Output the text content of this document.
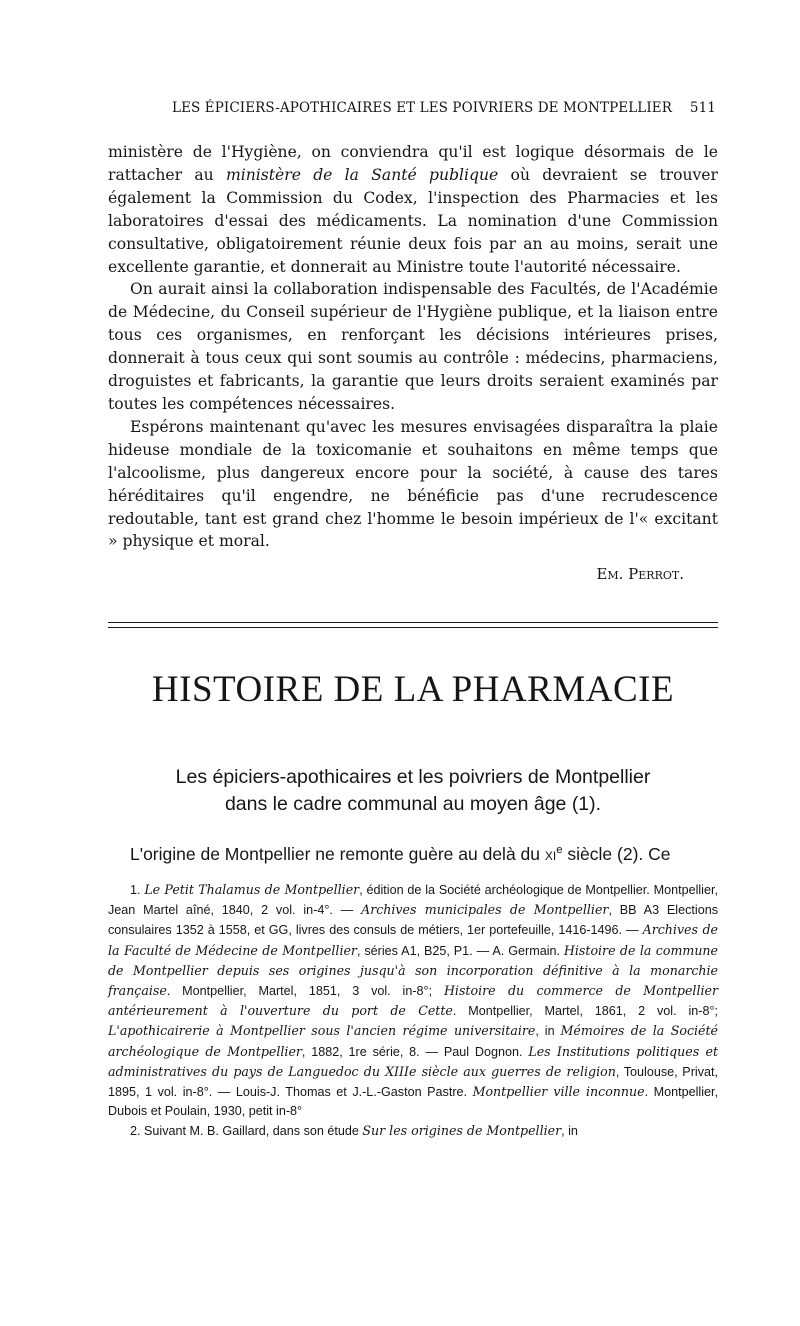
LES ÉPICIERS-APOTHICAIRES ET LES POIVRIERS DE MONTPELLIER 511

ministère de l'Hygiène, on conviendra qu'il est logique désormais de le rattacher au ministère de la Santé publique où devraient se trouver également la Commission du Codex, l'inspection des Pharmacies et les laboratoires d'essai des médicaments. La nomination d'une Commission consultative, obligatoirement réunie deux fois par an au moins, serait une excellente garantie, et donnerait au Ministre toute l'autorité nécessaire.

On aurait ainsi la collaboration indispensable des Facultés, de l'Académie de Médecine, du Conseil supérieur de l'Hygiène publique, et la liaison entre tous ces organismes, en renforçant les décisions intérieures prises, donnerait à tous ceux qui sont soumis au contrôle : médecins, pharmaciens, droguistes et fabricants, la garantie que leurs droits seraient examinés par toutes les compétences nécessaires.

Espérons maintenant qu'avec les mesures envisagées disparaîtra la plaie hideuse mondiale de la toxicomanie et souhaitons en même temps que l'alcoolisme, plus dangereux encore pour la société, à cause des tares héréditaires qu'il engendre, ne bénéficie pas d'une recrudescence redoutable, tant est grand chez l'homme le besoin impérieux de l'« excitant » physique et moral.

Em. Perrot.
HISTOIRE DE LA PHARMACIE
Les épiciers-apothicaires et les poivriers de Montpellier
dans le cadre communal au moyen âge (1).
L'origine de Montpellier ne remonte guère au delà du $xi^e$ siècle (2). Ce

1. Le Petit Thalamus de Montpellier, édition de la Société archéologique de Montpellier. Montpellier, Jean Martel aîné, 1840, 2 vol. in-4°. — Archives municipales de Montpellier, BB A3 Elections consulaires 1352 à 1558, et GG, livres des consuls de métiers, 1er portefeuille, 1416-1496. — Archives de la Faculté de Médecine de Montpellier, séries A1, B25, P1. — A. Germain. Histoire de la commune de Montpellier depuis ses origines jusqu'à son incorporation définitive à la monarchie française. Montpellier, Martel, 1851, 3 vol. in-8°; Histoire du commerce de Montpellier antérieurement à l'ouverture du port de Cette. Montpellier, Martel, 1861, 2 vol. in-8°; L'apothicairerie à Montpellier sous l'ancien régime universitaire, in Mémoires de la Société archéologique de Montpellier, 1882, 1re série, 8. — Paul Dognon. Les Institutions politiques et administratives du pays de Languedoc du XIIIe siècle aux guerres de religion, Toulouse, Privat, 1895, 1 vol. in-8°. — Louis-J. Thomas et J.-L.-Gaston Pastre. Montpellier ville inconnue. Montpellier, Dubois et Poulain, 1930, petit in-8°

2. Suivant M. B. Gaillard, dans son étude Sur les origines de Montpellier, in
